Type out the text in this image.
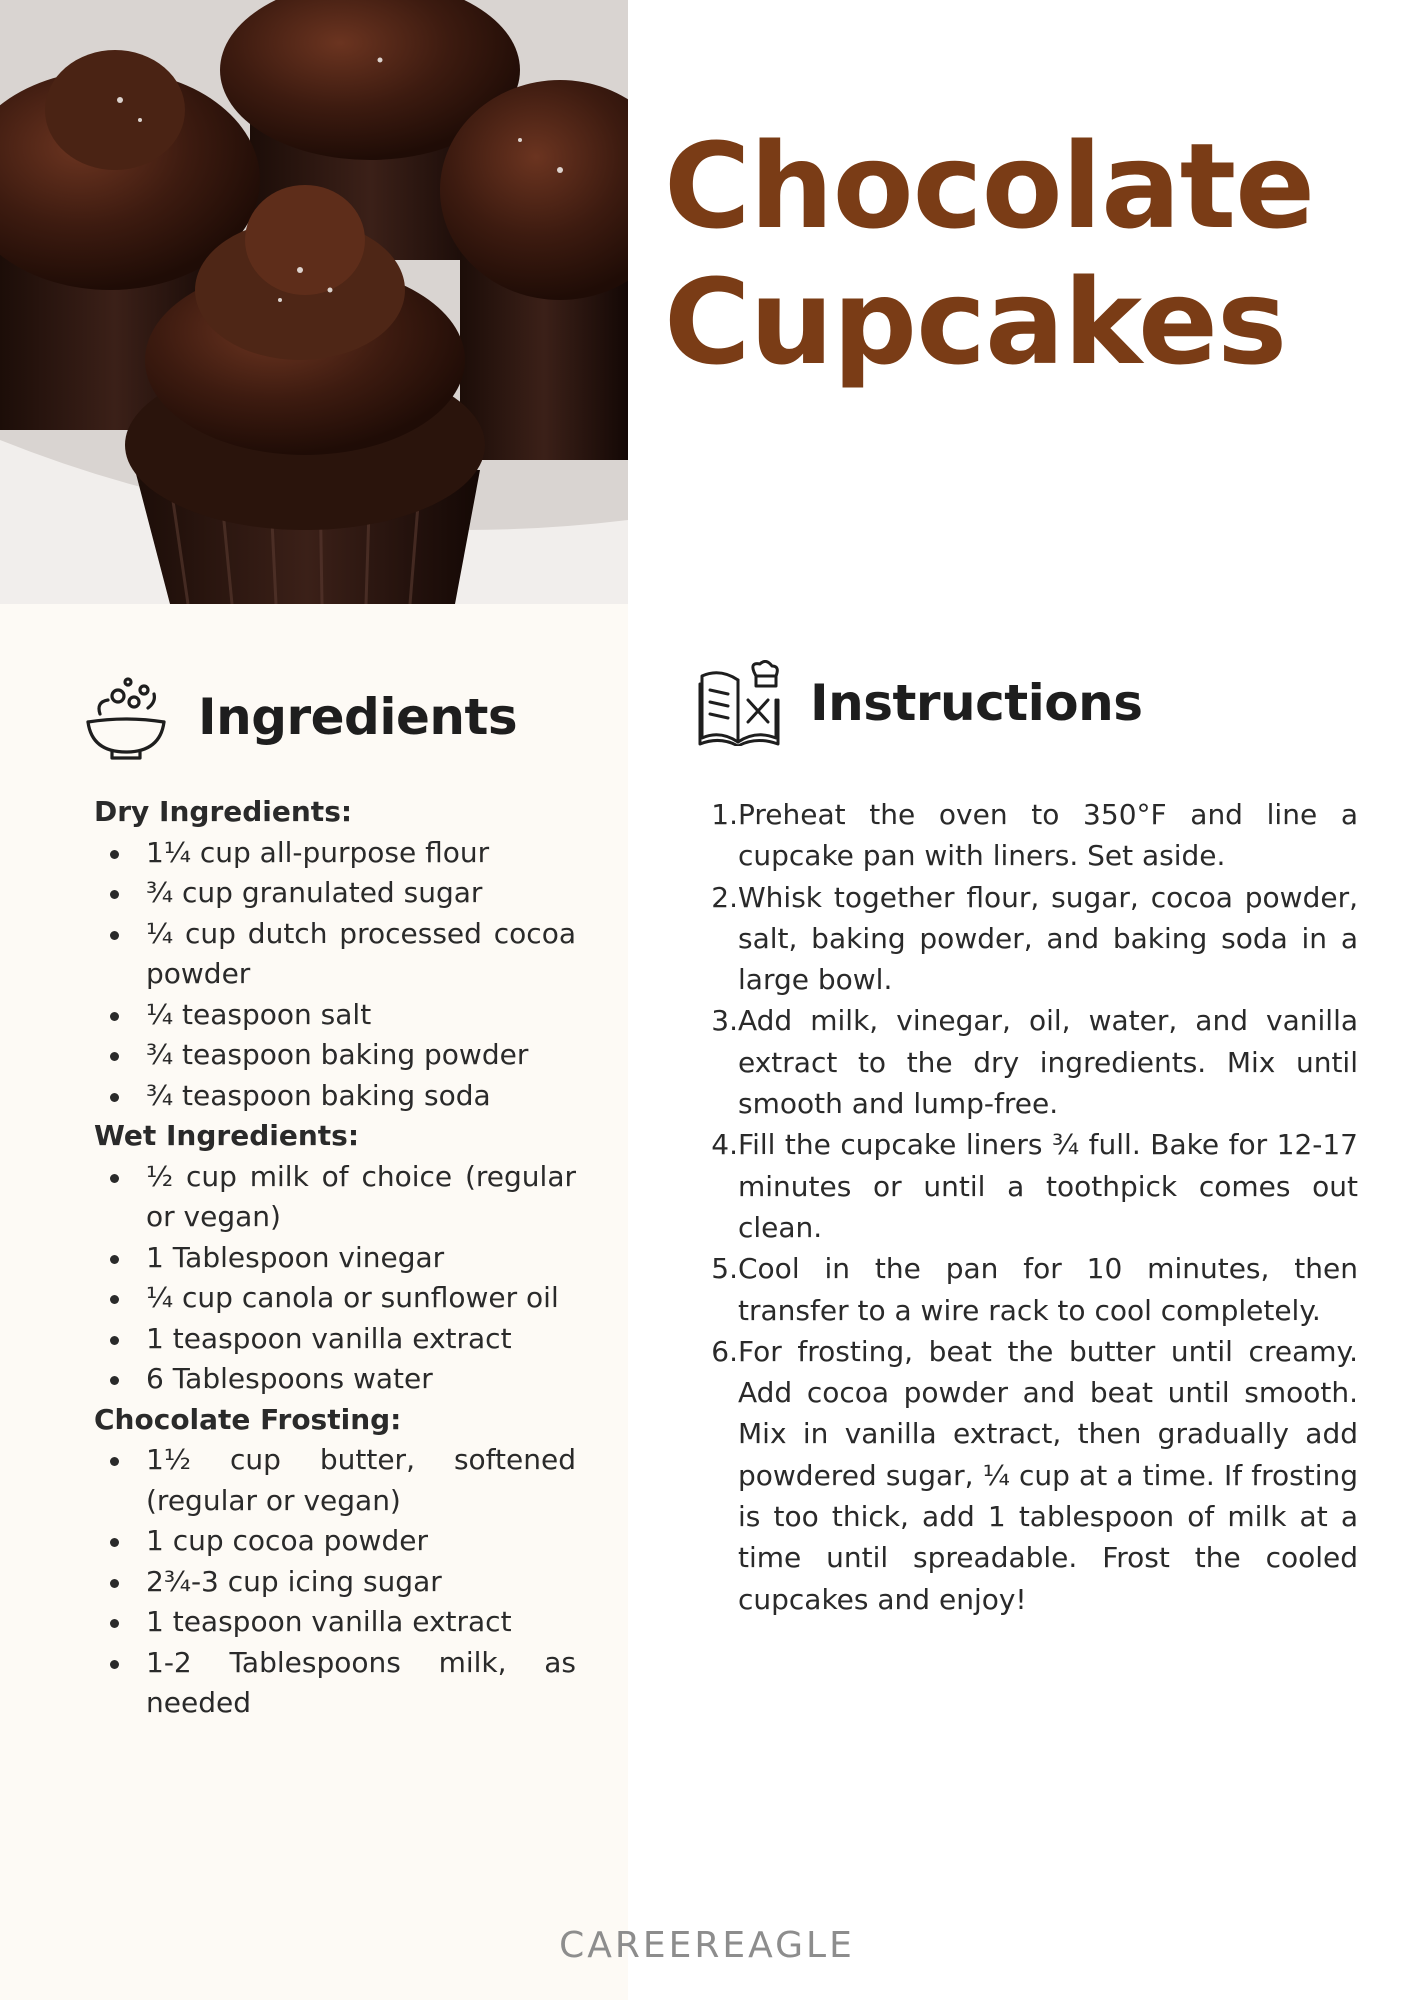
Chocolate
Cupcakes
Ingredients	Instructions

Dry Ingredients:

1¼ cup all-purpose flour
¾ cup granulated sugar
¼ cup dutch processed cocoa powder
¼ teaspoon salt
¾ teaspoon baking powder
¾ teaspoon baking soda

Wet Ingredients:

½ cup milk of choice (regular or vegan)
1 Tablespoon vinegar
¼ cup canola or sunflower oil
1 teaspoon vanilla extract
6 Tablespoons water

Chocolate Frosting:

1½ cup butter, softened (regular or vegan)
1 cup cocoa powder
2¾-3 cup icing sugar
1 teaspoon vanilla extract
1-2 Tablespoons milk, as needed
1. Preheat the oven to 350°F and line a cupcake pan with liners. Set aside.
2. Whisk together flour, sugar, cocoa powder, salt, baking powder, and baking soda in a large bowl.
3. Add milk, vinegar, oil, water, and vanilla extract to the dry ingredients. Mix until smooth and lump-free.
4. Fill the cupcake liners ¾ full. Bake for 12-17 minutes or until a toothpick comes out clean.
5. Cool in the pan for 10 minutes, then transfer to a wire rack to cool completely.
6. For frosting, beat the butter until creamy. Add cocoa powder and beat until smooth. Mix in vanilla extract, then gradually add powdered sugar, ¼ cup at a time. If frosting is too thick, add 1 tablespoon of milk at a time until spreadable. Frost the cooled cupcakes and enjoy!
CAREEREAGLE
